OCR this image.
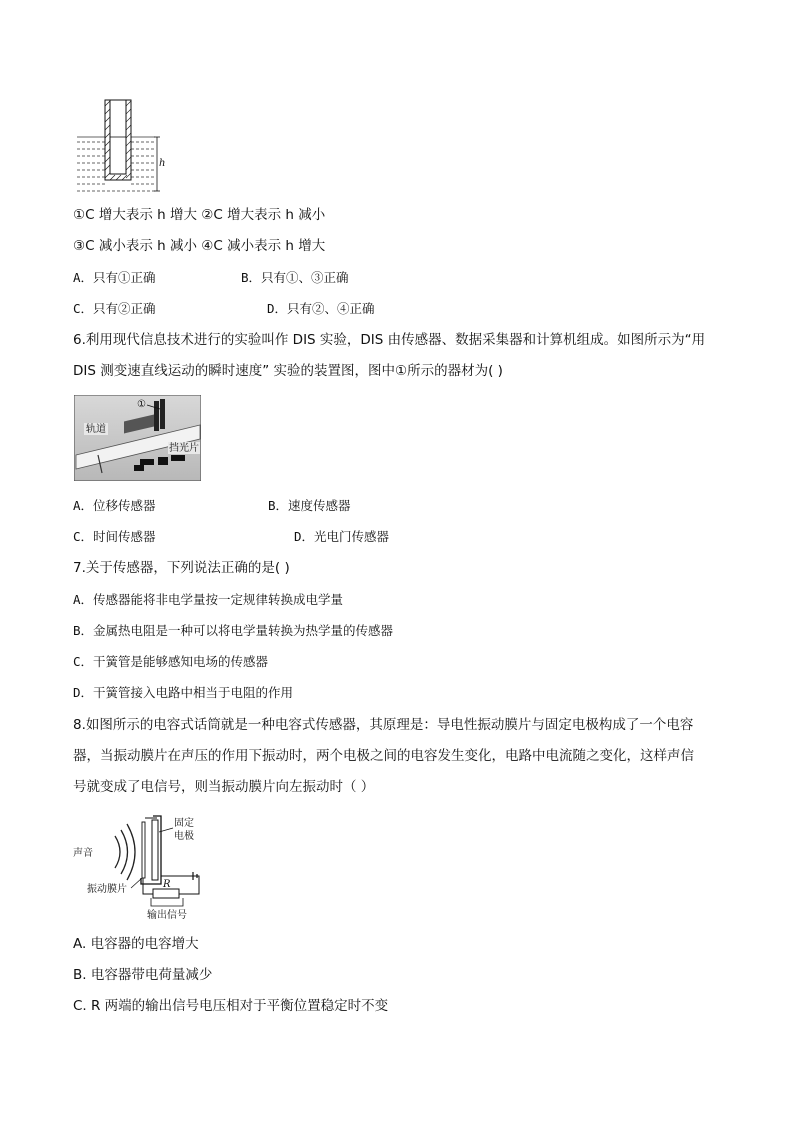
h
①C 增大表示 h 增大 ②C 增大表示 h 减小
③C 减小表示 h 减小 ④C 减小表示 h 增大
A．只有①正确	B．只有①、③正确
C．只有②正确	D．只有②、④正确
6.利用现代信息技术进行的实验叫作 DIS 实验，DIS 由传感器、数据采集器和计算机组成。如图所示为“用
DIS 测变速直线运动的瞬时速度” 实验的装置图，图中①所示的器材为( )
①
轨道
挡光片
A．位移传感器	B．速度传感器
C．时间传感器	D．光电门传感器
7.关于传感器，下列说法正确的是( )
A．传感器能将非电学量按一定规律转换成电学量
B．金属热电阻是一种可以将电学量转换为热学量的传感器
C．干簧管是能够感知电场的传感器
D．干簧管接入电路中相当于电阻的作用
8.如图所示的电容式话筒就是一种电容式传感器，其原理是：导电性振动膜片与固定电极构成了一个电容
器，当振动膜片在声压的作用下振动时，两个电极之间的电容发生变化，电路中电流随之变化，这样声信
号就变成了电信号，则当振动膜片向左振动时（ ）
声音
固定
电极
R
输出信号
振动膜片
A. 电容器的电容增大
B. 电容器带电荷量减少
C. R 两端的输出信号电压相对于平衡位置稳定时不变
